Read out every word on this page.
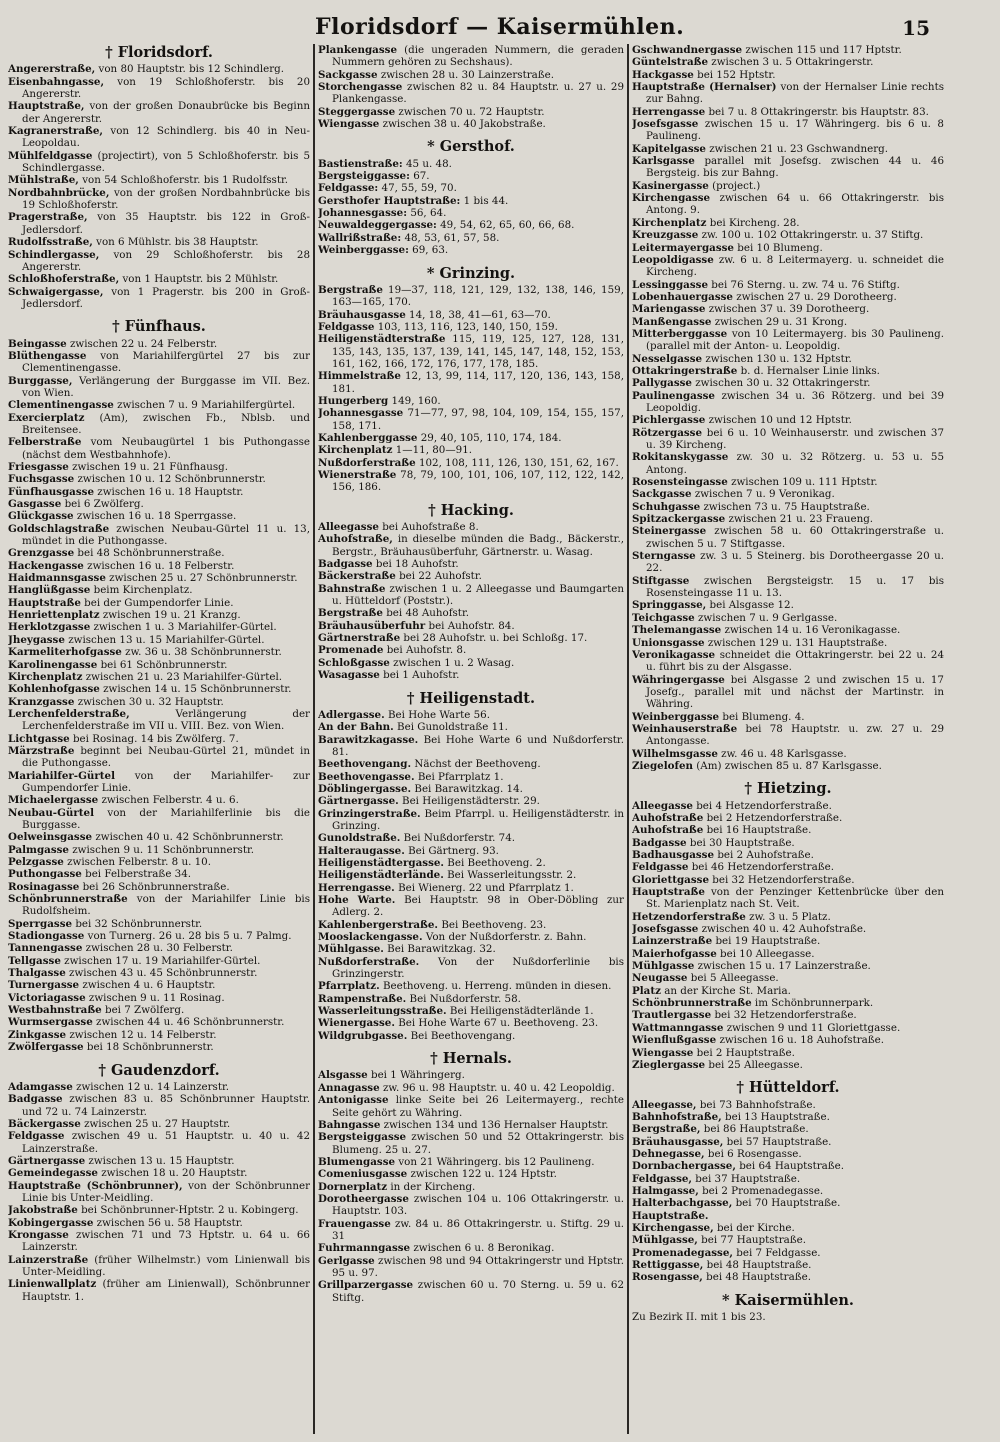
Floridsdorf — Kaisermühlen.	15
† Floridsdorf.

Angererstraße, von 80 Hauptstr. bis 12 Schindlerg.

Eisenbahngasse, von 19 Schloßhoferstr. bis 20 Angererstr.

Hauptstraße, von der großen Donaubrücke bis Beginn der Angererstr.

Kagranerstraße, von 12 Schindlerg. bis 40 in Neu-Leopoldau.

Mühlfeldgasse (projectirt), von 5 Schloßhoferstr. bis 5 Schindlergasse.

Mühlstraße, von 54 Schloßhoferstr. bis 1 Rudolfsstr.

Nordbahnbrücke, von der großen Nordbahnbrücke bis 19 Schloßhoferstr.

Pragerstraße, von 35 Hauptstr. bis 122 in Groß-Jedlersdorf.

Rudolfsstraße, von 6 Mühlstr. bis 38 Hauptstr.

Schindlergasse, von 29 Schloßhoferstr. bis 28 Angererstr.

Schloßhoferstraße, von 1 Hauptstr. bis 2 Mühlstr.

Schwaigergasse, von 1 Pragerstr. bis 200 in Groß-Jedlersdorf.

† Fünfhaus.

Beingasse zwischen 22 u. 24 Felberstr.

Blüthengasse von Mariahilfergürtel 27 bis zur Clementinengasse.

Burggasse, Verlängerung der Burggasse im VII. Bez. von Wien.

Clementinengasse zwischen 7 u. 9 Mariahilfergürtel.

Exercierplatz (Am), zwischen Fb., Nblsb. und Breitensee.

Felberstraße vom Neubaugürtel 1 bis Puthongasse (nächst dem Westbahnhofe).

Friesgasse zwischen 19 u. 21 Fünfhausg.

Fuchsgasse zwischen 10 u. 12 Schönbrunnerstr.

Fünfhausgasse zwischen 16 u. 18 Hauptstr.

Gasgasse bei 6 Zwölferg.

Glückgasse zwischen 16 u. 18 Sperrgasse.

Goldschlagstraße zwischen Neubau-Gürtel 11 u. 13, mündet in die Puthongasse.

Grenzgasse bei 48 Schönbrunnerstraße.

Hackengasse zwischen 16 u. 18 Felberstr.

Haidmannsgasse zwischen 25 u. 27 Schönbrunnerstr.

Hanglüßgasse beim Kirchenplatz.

Hauptstraße bei der Gumpendorfer Linie.

Henriettenplatz zwischen 19 u. 21 Kranzg.

Herklotzgasse zwischen 1 u. 3 Mariahilfer-Gürtel.

Jheygasse zwischen 13 u. 15 Mariahilfer-Gürtel.

Karmeliterhofgasse zw. 36 u. 38 Schönbrunnerstr.

Karolinengasse bei 61 Schönbrunnerstr.

Kirchenplatz zwischen 21 u. 23 Mariahilfer-Gürtel.

Kohlenhofgasse zwischen 14 u. 15 Schönbrunnerstr.

Kranzgasse zwischen 30 u. 32 Hauptstr.

Lerchenfelderstraße,	Verlängerung der Lerchenfelderstraße im VII u. VIII. Bez. von Wien.

Lichtgasse bei Rosinag. 14 bis Zwölferg. 7.

Märzstraße beginnt bei Neubau-Gürtel 21, mündet in die Puthongasse.

Mariahilfer-Gürtel von der Mariahilfer- zur Gumpendorfer Linie.

Michaelergasse zwischen Felberstr. 4 u. 6.

Neubau-Gürtel von der Mariahilferlinie bis die Burggasse.

Oelweinsgasse zwischen 40 u. 42 Schönbrunnerstr.

Palmgasse zwischen 9 u. 11 Schönbrunnerstr.

Pelzgasse zwischen Felberstr. 8 u. 10.

Puthongasse bei Felberstraße 34.

Rosinagasse bei 26 Schönbrunnerstraße.

Schönbrunnerstraße von der Mariahilfer Linie bis Rudolfsheim.

Sperrgasse bei 32 Schönbrunnerstr.

Stadiongasse von Turnerg. 26 u. 28 bis 5 u. 7 Palmg.

Tannengasse zwischen 28 u. 30 Felberstr.

Tellgasse zwischen 17 u. 19 Mariahilfer-Gürtel.

Thalgasse zwischen 43 u. 45 Schönbrunnerstr.

Turnergasse zwischen 4 u. 6 Hauptstr.

Victoriagasse zwischen 9 u. 11 Rosinag.

Westbahnstraße bei 7 Zwölferg.

Wurmsergasse zwischen 44 u. 46 Schönbrunnerstr.

Zinkgasse zwischen 12 u. 14 Felberstr.

Zwölfergasse bei 18 Schönbrunnerstr.

† Gaudenzdorf.

Adamgasse zwischen 12 u. 14 Lainzerstr.

Badgasse zwischen 83 u. 85 Schönbrunner Hauptstr. und 72 u. 74 Lainzerstr.

Bäckergasse zwischen 25 u. 27 Hauptstr.

Feldgasse zwischen 49 u. 51 Hauptstr. u. 40 u. 42 Lainzerstraße.

Gärtnergasse zwischen 13 u. 15 Hauptstr.

Gemeindegasse zwischen 18 u. 20 Hauptstr.

Hauptstraße (Schönbrunner), von der Schönbrunner Linie bis Unter-Meidling.

Jakobstraße bei Schönbrunner-Hptstr. 2 u. Kobingerg.

Kobingergasse zwischen 56 u. 58 Hauptstr.

Krongasse zwischen 71 und 73 Hptstr. u. 64 u. 66 Lainzerstr.

Lainzerstraße (früher Wilhelmstr.) vom Linienwall bis Unter-Meidling.

Linienwallplatz (früher am Linienwall), Schönbrunner Hauptstr. 1.

Plankengasse (die ungeraden Nummern, die geraden Nummern gehören zu Sechshaus).

Sackgasse zwischen 28 u. 30 Lainzerstraße.

Storchengasse zwischen 82 u. 84 Hauptstr. u. 27 u. 29 Plankengasse.

Steggergasse zwischen 70 u. 72 Hauptstr.

Wiengasse zwischen 38 u. 40 Jakobstraße.

* Gersthof.

Bastienstraße: 45 u. 48.

Bergsteiggasse: 67.

Feldgasse: 47, 55, 59, 70.

Gersthofer Hauptstraße: 1 bis 44.

Johannesgasse: 56, 64.

Neuwaldeggergasse: 49, 54, 62, 65, 60, 66, 68.

Wallrißstraße: 48, 53, 61, 57, 58.

Weinberggasse: 69, 63.

* Grinzing.

Bergstraße 19—37, 118, 121, 129, 132, 138, 146, 159, 163—165, 170.

Bräuhausgasse 14, 18, 38, 41—61, 63—70.

Feldgasse 103, 113, 116, 123, 140, 150, 159.

Heiligenstädterstraße 115, 119, 125, 127, 128, 131, 135, 143, 135, 137, 139, 141, 145, 147, 148, 152, 153, 161, 162, 166, 172, 176, 177, 178, 185.

Himmelstraße 12, 13, 99, 114, 117, 120, 136, 143, 158, 181.

Hungerberg 149, 160.

Johannesgasse 71—77, 97, 98, 104, 109, 154, 155, 157, 158, 171.

Kahlenberggasse 29, 40, 105, 110, 174, 184.

Kirchenplatz 1—11, 80—91.

Nußdorferstraße 102, 108, 111, 126, 130, 151, 62, 167.

Wienerstraße 78, 79, 100, 101, 106, 107, 112, 122, 142, 156, 186.

† Hacking.

Alleegasse bei Auhofstraße 8.

Auhofstraße, in dieselbe münden die Badg., Bäckerstr., Bergstr., Bräuhausüberfuhr, Gärtnerstr. u. Wasag.

Badgasse bei 18 Auhofstr.

Bäckerstraße bei 22 Auhofstr.

Bahnstraße zwischen 1 u. 2 Alleegasse und Baumgarten u. Hütteldorf (Poststr.).

Bergstraße bei 48 Auhofstr.

Bräuhausüberfuhr bei Auhofstr. 84.

Gärtnerstraße bei 28 Auhofstr. u. bei Schloßg. 17.

Promenade bei Auhofstr. 8.

Schloßgasse zwischen 1 u. 2 Wasag.

Wasagasse bei 1 Auhofstr.

† Heiligenstadt.

Adlergasse. Bei Hohe Warte 56.

An der Bahn. Bei Gunoldstraße 11.

Barawitzkagasse. Bei Hohe Warte 6 und Nußdorferstr. 81.

Beethovengang. Nächst der Beethoveng.

Beethovengasse. Bei Pfarrplatz 1.

Döblingergasse. Bei Barawitzkag. 14.

Gärtnergasse. Bei Heiligenstädterstr. 29.

Grinzingerstraße. Beim Pfarrpl. u. Heiligenstädterstr. in Grinzing.

Gunoldstraße. Bei Nußdorferstr. 74.

Halteraugasse. Bei Gärtnerg. 93.

Heiligenstädtergasse. Bei Beethoveng. 2.

Heiligenstädterlände. Bei Wasserleitungsstr. 2.

Herrengasse. Bei Wienerg. 22 und Pfarrplatz 1.

Hohe Warte. Bei Hauptstr. 98 in Ober-Döbling zur Adlerg. 2.

Kahlenbergerstraße. Bei Beethoveng. 23.

Mooslackengasse. Von der Nußdorferstr. z. Bahn.

Mühlgasse. Bei Barawitzkag. 32.

Nußdorferstraße. Von der Nußdorferlinie bis Grinzingerstr.

Pfarrplatz. Beethoveng. u. Herreng. münden in diesen.

Rampenstraße. Bei Nußdorferstr. 58.

Wasserleitungsstraße. Bei Heiligenstädterlände 1.

Wienergasse. Bei Hohe Warte 67 u. Beethoveng. 23.

Wildgrubgasse. Bei Beethovengang.

† Hernals.

Alsgasse bei 1 Währingerg.

Annagasse zw. 96 u. 98 Hauptstr. u. 40 u. 42 Leopoldig.

Antonigasse linke Seite bei 26 Leitermayerg., rechte Seite gehört zu Währing.

Bahngasse zwischen 134 und 136 Hernalser Hauptstr.

Bergsteiggasse zwischen 50 und 52 Ottakringerstr. bis Blumeng. 25 u. 27.

Blumengasse von 21 Währingerg. bis 12 Paulineng.

Comeniusgasse zwischen 122 u. 124 Hptstr.

Dornerplatz in der Kircheng.

Dorotheergasse zwischen 104 u. 106 Ottakringerstr. u. Hauptstr. 103.

Frauengasse zw. 84 u. 86 Ottakringerstr. u. Stiftg. 29 u. 31

Fuhrmanngasse zwischen 6 u. 8 Beronikag.

Gerlgasse zwischen 98 und 94 Ottakringerstr und Hptstr. 95 u. 97.

Grillparzergasse zwischen 60 u. 70 Sterng. u. 59 u. 62 Stiftg.

Gschwandnergasse zwischen 115 und 117 Hptstr.

Güntelstraße zwischen 3 u. 5 Ottakringerstr.

Hackgasse bei 152 Hptstr.

Hauptstraße (Hernalser) von der Hernalser Linie rechts zur Bahng.

Herrengasse bei 7 u. 8 Ottakringerstr. bis Hauptstr. 83.

Josefsgasse zwischen 15 u. 17 Währingerg. bis 6 u. 8 Paulineng.

Kapitelgasse zwischen 21 u. 23 Gschwandnerg.

Karlsgasse parallel mit Josefsg. zwischen 44 u. 46 Bergsteig. bis zur Bahng.

Kasinergasse (project.)

Kirchengasse zwischen 64 u. 66 Ottakringerstr. bis Antong. 9.

Kirchenplatz bei Kircheng. 28.

Kreuzgasse zw. 100 u. 102 Ottakringerstr. u. 37 Stiftg.

Leitermayergasse bei 10 Blumeng.

Leopoldigasse zw. 6 u. 8 Leitermayerg. u. schneidet die Kircheng.

Lessinggasse bei 76 Sterng. u. zw. 74 u. 76 Stiftg.

Lobenhauergasse zwischen 27 u. 29 Dorotheerg.

Mariengasse zwischen 37 u. 39 Dorotheerg.

Manßengasse zwischen 29 u. 31 Krong.

Mitterberggasse von 10 Leitermayerg. bis 30 Paulineng. (parallel mit der Anton- u. Leopoldig.

Nesselgasse zwischen 130 u. 132 Hptstr.

Ottakringerstraße b. d. Hernalser Linie links.

Pallygasse zwischen 30 u. 32 Ottakringerstr.

Paulinengasse zwischen 34 u. 36 Rötzerg. und bei 39 Leopoldig.

Pichlergasse zwischen 10 und 12 Hptstr.

Rötzergasse bei 6 u. 10 Weinhauserstr. und zwischen 37 u. 39 Kircheng.

Rokitanskygasse zw. 30 u. 32 Rötzerg. u. 53 u. 55 Antong.

Rosensteingasse zwischen 109 u. 111 Hptstr.

Sackgasse zwischen 7 u. 9 Veronikag.

Schuhgasse zwischen 73 u. 75 Hauptstraße.

Spitzackergasse zwischen 21 u. 23 Fraueng.

Steinergasse zwischen 58 u. 60 Ottakringerstraße u. zwischen 5 u. 7 Stiftgasse.

Sterngasse zw. 3 u. 5 Steinerg. bis Dorotheergasse 20 u. 22.

Stiftgasse zwischen Bergsteigstr. 15 u. 17 bis Rosensteingasse 11 u. 13.

Springgasse, bei Alsgasse 12.

Teichgasse zwischen 7 u. 9 Gerlgasse.

Thelemangasse zwischen 14 u. 16 Veronikagasse.

Unionsgasse zwischen 129 u. 131 Hauptstraße.

Veronikagasse schneidet die Ottakringerstr. bei 22 u. 24 u. führt bis zu der Alsgasse.

Währingergasse bei Alsgasse 2 und zwischen 15 u. 17 Josefg., parallel mit und nächst der Martinstr. in Währing.

Weinberggasse bei Blumeng. 4.

Weinhauserstraße bei 78 Hauptstr. u. zw. 27 u. 29 Antongasse.

Wilhelmsgasse zw. 46 u. 48 Karlsgasse.

Ziegelofen (Am) zwischen 85 u. 87 Karlsgasse.

† Hietzing.

Alleegasse bei 4 Hetzendorferstraße.

Auhofstraße bei 2 Hetzendorferstraße.

Auhofstraße bei 16 Hauptstraße.

Badgasse bei 30 Hauptstraße.

Badhausgasse bei 2 Auhofstraße.

Feldgasse bei 46 Hetzendorferstraße.

Gloriettgasse bei 32 Hetzendorferstraße.

Hauptstraße von der Penzinger Kettenbrücke über den St. Marienplatz nach St. Veit.

Hetzendorferstraße zw. 3 u. 5 Platz.

Josefsgasse zwischen 40 u. 42 Auhofstraße.

Lainzerstraße bei 19 Hauptstraße.

Maierhofgasse bei 10 Alleegasse.

Mühlgasse zwischen 15 u. 17 Lainzerstraße.

Neugasse bei 5 Alleegasse.

Platz an der Kirche St. Maria.

Schönbrunnerstraße im Schönbrunnerpark.

Trautlergasse bei 32 Hetzendorferstraße.

Wattmanngasse zwischen 9 und 11 Gloriettgasse.

Wienflußgasse zwischen 16 u. 18 Auhofstraße.

Wiengasse bei 2 Hauptstraße.

Zieglergasse bei 25 Alleegasse.

† Hütteldorf.

Alleegasse, bei 73 Bahnhofstraße.

Bahnhofstraße, bei 13 Hauptstraße.

Bergstraße, bei 86 Hauptstraße.

Bräuhausgasse, bei 57 Hauptstraße.

Dehnegasse, bei 6 Rosengasse.

Dornbachergasse, bei 64 Hauptstraße.

Feldgasse, bei 37 Hauptstraße.

Halmgasse, bei 2 Promenadegasse.

Halterbachgasse, bei 70 Hauptstraße.

Hauptstraße.

Kirchengasse, bei der Kirche.

Mühlgasse, bei 77 Hauptstraße.

Promenadegasse, bei 7 Feldgasse.

Rettiggasse, bei 48 Hauptstraße.

Rosengasse, bei 48 Hauptstraße.

* Kaisermühlen.

Zu Bezirk II. mit 1 bis 23.
